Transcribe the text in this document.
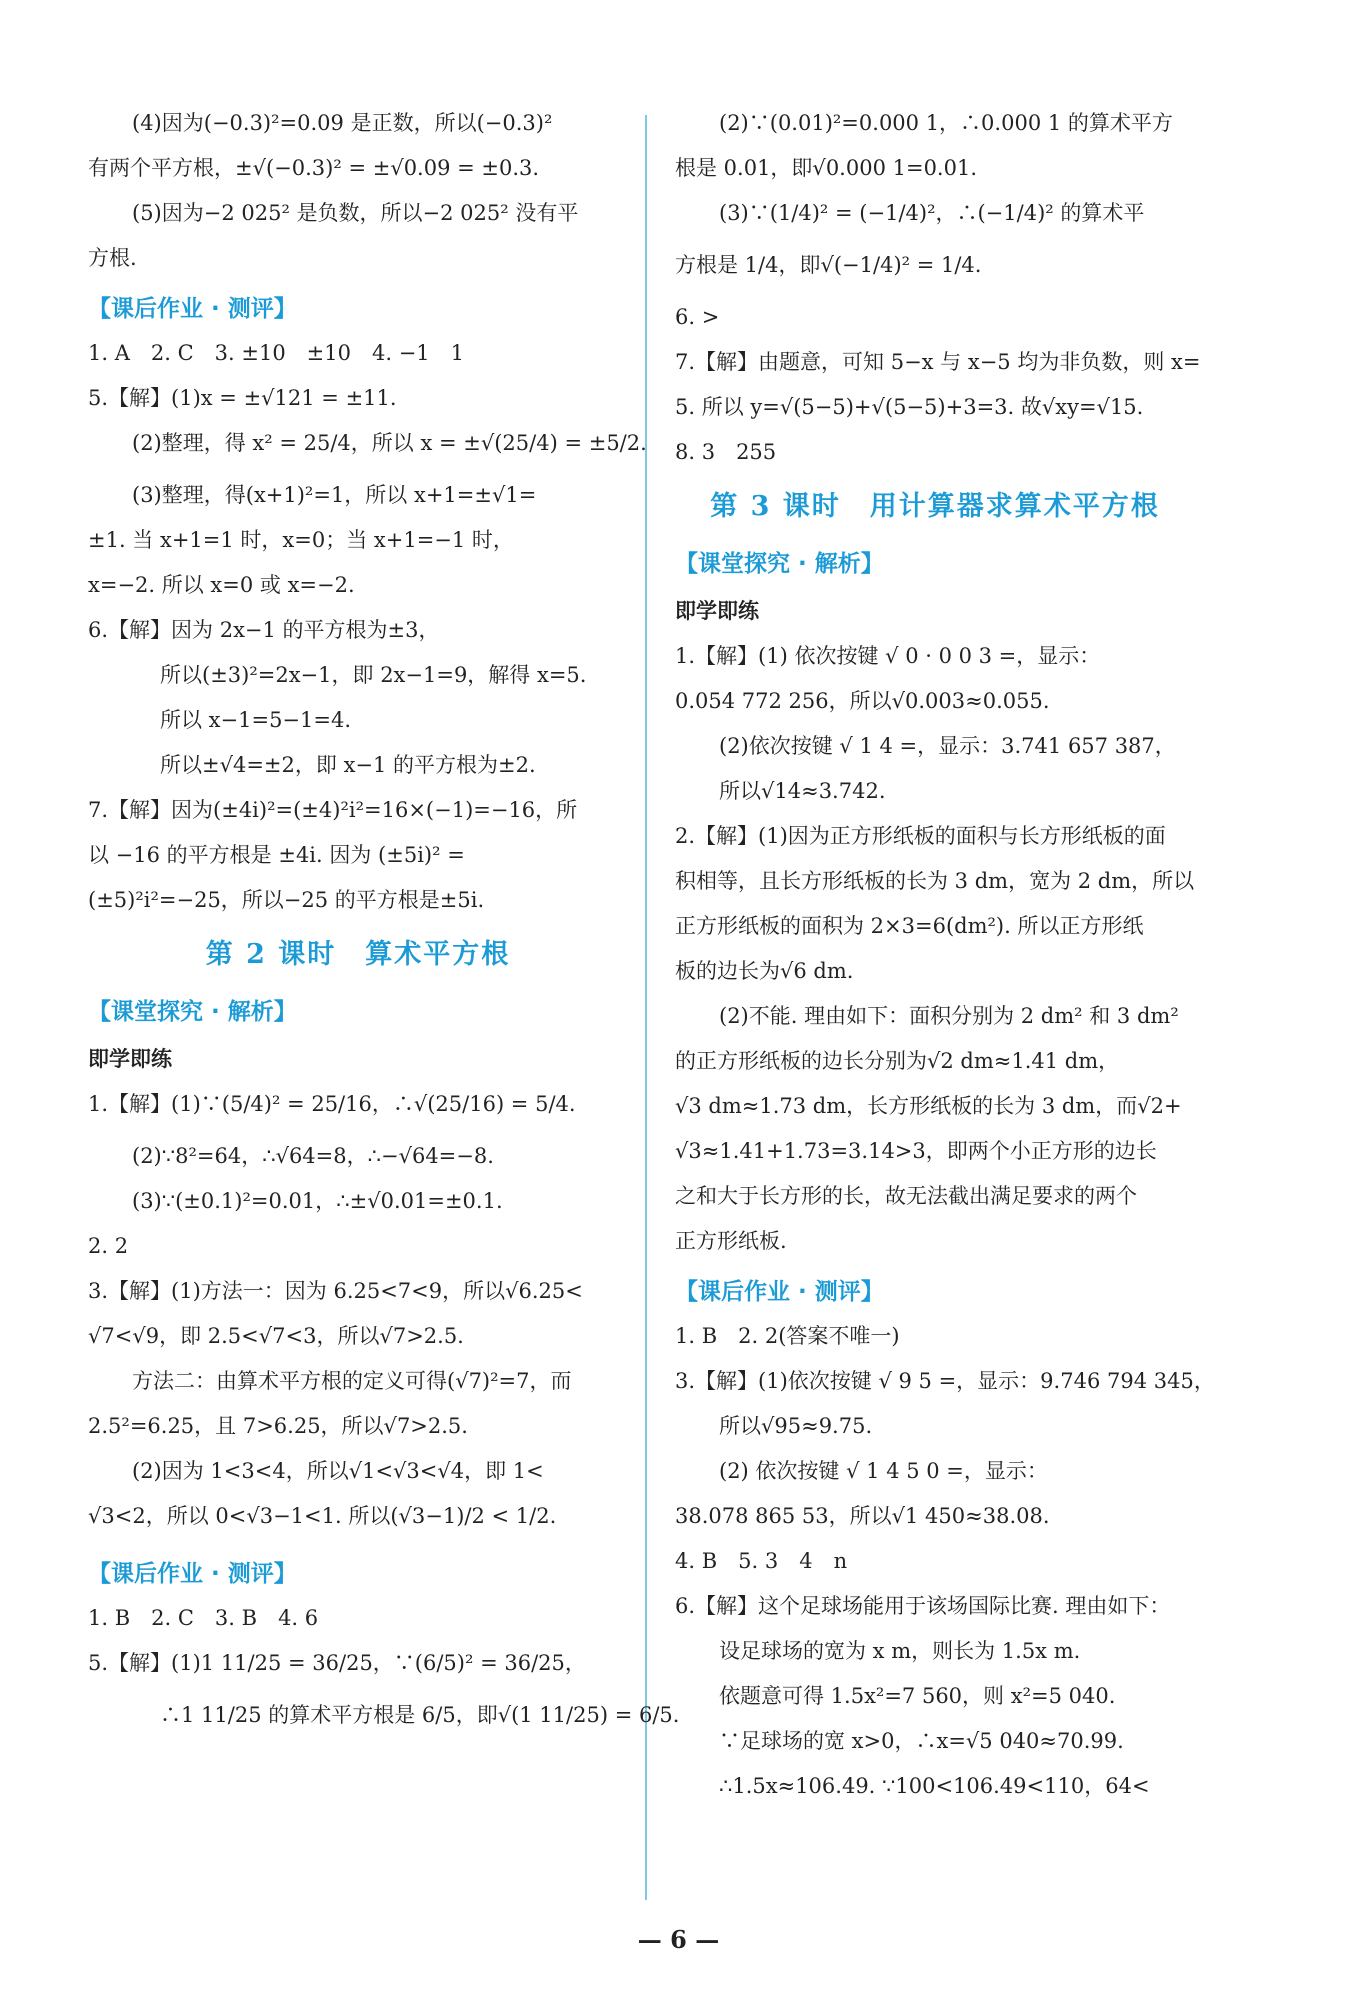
(4)因为(−0.3)²=0.09 是正数，所以(−0.3)²
有两个平方根，±√(−0.3)² = ±√0.09 = ±0.3.
(5)因为−2 025² 是负数，所以−2 025² 没有平
方根.
【课后作业 · 测评】
1. A　2. C　3. ±10　±10　4. −1　1
5.【解】(1)x = ±√121 = ±11.
(2)整理，得 x² = 25/4，所以 x = ±√(25/4) = ±5/2.
(3)整理，得(x+1)²=1，所以 x+1=±√1=
±1. 当 x+1=1 时，x=0；当 x+1=−1 时，
x=−2. 所以 x=0 或 x=−2.
6.【解】因为 2x−1 的平方根为±3，
所以(±3)²=2x−1，即 2x−1=9，解得 x=5.
所以 x−1=5−1=4.
所以±√4=±2，即 x−1 的平方根为±2.
7.【解】因为(±4i)²=(±4)²i²=16×(−1)=−16，所
以 −16 的平方根是 ±4i. 因为 (±5i)² =
(±5)²i²=−25，所以−25 的平方根是±5i.
第 2 课时　算术平方根
【课堂探究 · 解析】
即学即练
1.【解】(1)∵(5/4)² = 25/16，∴√(25/16) = 5/4.
(2)∵8²=64，∴√64=8，∴−√64=−8.
(3)∵(±0.1)²=0.01，∴±√0.01=±0.1.
2. 2
3.【解】(1)方法一：因为 6.25<7<9，所以√6.25<
√7<√9，即 2.5<√7<3，所以√7>2.5.
方法二：由算术平方根的定义可得(√7)²=7，而
2.5²=6.25，且 7>6.25，所以√7>2.5.
(2)因为 1<3<4，所以√1<√3<√4，即 1<
√3<2，所以 0<√3−1<1. 所以(√3−1)/2 < 1/2.
【课后作业 · 测评】
1. B　2. C　3. B　4. 6
5.【解】(1)1 11/25 = 36/25，∵(6/5)² = 36/25，
∴1 11/25 的算术平方根是 6/5，即√(1 11/25) = 6/5.
(2)∵(0.01)²=0.000 1，∴0.000 1 的算术平方
根是 0.01，即√0.000 1=0.01.
(3)∵(1/4)² = (−1/4)²，∴(−1/4)² 的算术平
方根是 1/4，即√(−1/4)² = 1/4.
6. >
7.【解】由题意，可知 5−x 与 x−5 均为非负数，则 x=
5. 所以 y=√(5−5)+√(5−5)+3=3. 故√xy=√15.
8. 3　255
第 3 课时　用计算器求算术平方根
【课堂探究 · 解析】
即学即练
1.【解】(1) 依次按键 √ 0 · 0 0 3 =，显示：
0.054 772 256，所以√0.003≈0.055.
(2)依次按键 √ 1 4 =，显示：3.741 657 387，
所以√14≈3.742.
2.【解】(1)因为正方形纸板的面积与长方形纸板的面
积相等，且长方形纸板的长为 3 dm，宽为 2 dm，所以
正方形纸板的面积为 2×3=6(dm²). 所以正方形纸
板的边长为√6 dm.
(2)不能. 理由如下：面积分别为 2 dm² 和 3 dm²
的正方形纸板的边长分别为√2 dm≈1.41 dm，
√3 dm≈1.73 dm，长方形纸板的长为 3 dm，而√2+
√3≈1.41+1.73=3.14>3，即两个小正方形的边长
之和大于长方形的长，故无法截出满足要求的两个
正方形纸板.
【课后作业 · 测评】
1. B　2. 2(答案不唯一)
3.【解】(1)依次按键 √ 9 5 =，显示：9.746 794 345，
所以√95≈9.75.
(2) 依次按键 √ 1 4 5 0 =，显示：
38.078 865 53，所以√1 450≈38.08.
4. B　5. 3　4　n
6.【解】这个足球场能用于该场国际比赛. 理由如下：
设足球场的宽为 x m，则长为 1.5x m.
依题意可得 1.5x²=7 560，则 x²=5 040.
∵足球场的宽 x>0，∴x=√5 040≈70.99.
∴1.5x≈106.49. ∵100<106.49<110，64<
— 6 —
